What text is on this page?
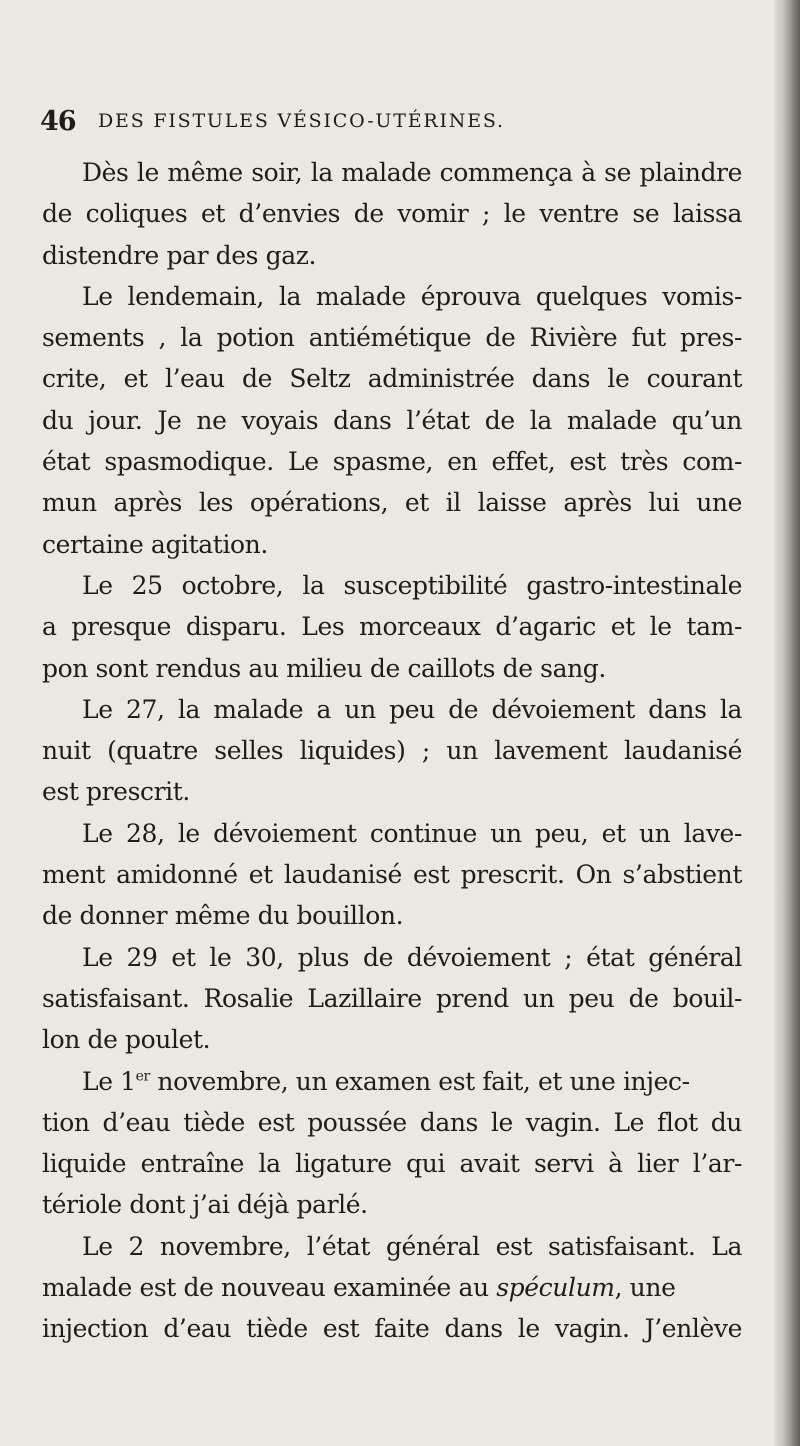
46 DES FISTULES VÉSICO-UTÉRINES.
Dès le même soir, la malade commença à se plaindre
de coliques et d’envies de vomir ; le ventre se laissa
distendre par des gaz.
Le lendemain, la malade éprouva quelques vomis-
sements , la potion antiémétique de Rivière fut pres-
crite, et l’eau de Seltz administrée dans le courant
du jour. Je ne voyais dans l’état de la malade qu’un
état spasmodique. Le spasme, en effet, est très com-
mun après les opérations, et il laisse après lui une
certaine agitation.
Le 25 octobre, la susceptibilité gastro-intestinale
a presque disparu. Les morceaux d’agaric et le tam-
pon sont rendus au milieu de caillots de sang.
Le 27, la malade a un peu de dévoiement dans la
nuit (quatre selles liquides) ; un lavement laudanisé
est prescrit.
Le 28, le dévoiement continue un peu, et un lave-
ment amidonné et laudanisé est prescrit. On s’abstient
de donner même du bouillon.
Le 29 et le 30, plus de dévoiement ; état général
satisfaisant. Rosalie Lazillaire prend un peu de bouil-
lon de poulet.
Le 1er novembre, un examen est fait, et une injec-
tion d’eau tiède est poussée dans le vagin. Le flot du
liquide entraîne la ligature qui avait servi à lier l’ar-
tériole dont j’ai déjà parlé.
Le 2 novembre, l’état général est satisfaisant. La
malade est de nouveau examinée au spéculum, une
injection d’eau tiède est faite dans le vagin. J’enlève
